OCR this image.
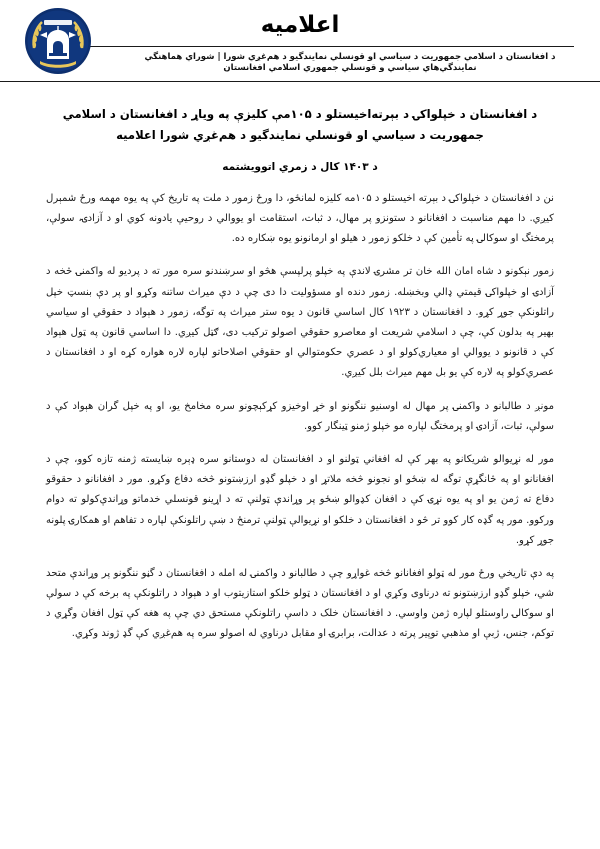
اعلاميه
د افغانستان د اسلامي جمهوريت د سياسي او قونسلي نمايندگيو د هم‌غږي شورا | شوراي هماهنگي نمايندگي‌هاي سياسي و قونسلي جمهوري اسلامي افغانستان
د افغانستان د خپلواکۍ د بېرته‌اخيستلو د ۱۰۵مې کليزې په وياړ د افغانستان د اسلامي جمهوريت د سياسي او قونسلي نمايندگيو د هم‌غږي شورا اعلاميه
د ۱۴۰۳ کال د زمري اتوويشتمه

نن د افغانستان د خپلواکۍ د بېرته اخيستلو د ۱۰۵مه کليزه لمانځو، دا ورځ زمور د ملت په تاريخ کې په يوه مهمه ورځ شمېرل کيږي. دا مهم مناسبت د افغانانو د ستونزو پر مهال، د ثبات، استقامت او يووالي د روحيې يادونه کوي او د آزادۍ، سولې، پرمختگ او سوکالۍ په تأمين کې د خلکو زمور د هيلو او ارمانونو يوه ښکاره ده.

زمور نېکونو د شاه امان الله خان تر مشرۍ لاندې په خپلو پرلپسې هڅو او سرښندنو سره مور ته د پردیو له واکمنۍ څخه د آزادۍ او خپلواکۍ قيمتي ډالي وبخښله. زمور دنده او مسؤوليت دا دی چې د دې ميراث ساتنه وکړو او پر دې بنسټ خپل راتلونکې جوړ کړو. د افغانستان د ۱۹۲۳ کال اساسي قانون د يوه ستر ميراث په توگه، زمور د هېواد د حقوقي او سياسي بهير په بدلون کې، چې د اسلامي شريعت او معاصرو حقوقي اصولو ترکيب دی، ګټل کيږي. دا اساسي قانون په ټول هېواد کې د قانونو د يووالي او معياري‌کولو او د عصري حکومتوالي او حقوقي اصلاحاتو لپاره لاره هواره کړه او د افغانستان د عصري‌کولو په لاره کې يو بل مهم ميراث بلل کيږي.

مونږ د طالبانو د واکمنۍ پر مهال له اوسنيو ننگونو او خړ اوخیزو کړکېچونو سره مخامخ يو، او په خپل گران هېواد کې د سولې، ثبات، آزادۍ او پرمختگ لپاره مو خپلو ژمنو ټينگار کوو.

مور له نړيوالو شريکانو په بهر کې له افغاني ټولنو او د افغانستان له دوستانو سره ډېره ښايسته ژمنه تازه کوو، چې د افغانانو او په څانگړې توگه له ښځو او نجونو څخه ملاتړ او د خپلو گډو ارزښتونو څخه دفاع وکړو. مور د افغانانو د حقوقو دفاع ته ژمن يو او په يوه نړۍ کې د افغان کډوالو ښځو پر وړاندې ټولنې ته د اړينو قونسلي خدماتو وړاندې‌کولو ته دوام ورکوو. مور په گډه کار کوو تر څو د افغانستان د خلکو او نړيوالې ټولنې ترمنځ د ښې راتلونکې لپاره د تفاهم او همکارۍ پلونه جوړ کړو.

په دې تاريخي ورځ مور له ټولو افغانانو څخه غواړو چې د طالبانو د واکمنۍ له امله د افغانستان د گڼو ننگونو پر وړاندې متحد شي، خپلو گډو ارزښتونو ته درناوی وکړي او د افغانستان د ټولو خلکو استازيتوب او د هېواد د راتلونکې په برخه کې د سولې او سوکالۍ راوستلو لپاره ژمن واوسي. د افغانستان خلک د داسې راتلونکې مستحق دي چې په هغه کې ټول افغان وگړي د توکم، جنس، ژبې او مذهبي توپير پرته د عدالت، برابرۍ او مقابل درناوي له اصولو سره په هم‌غږي کې گډ ژوند وکړي.
